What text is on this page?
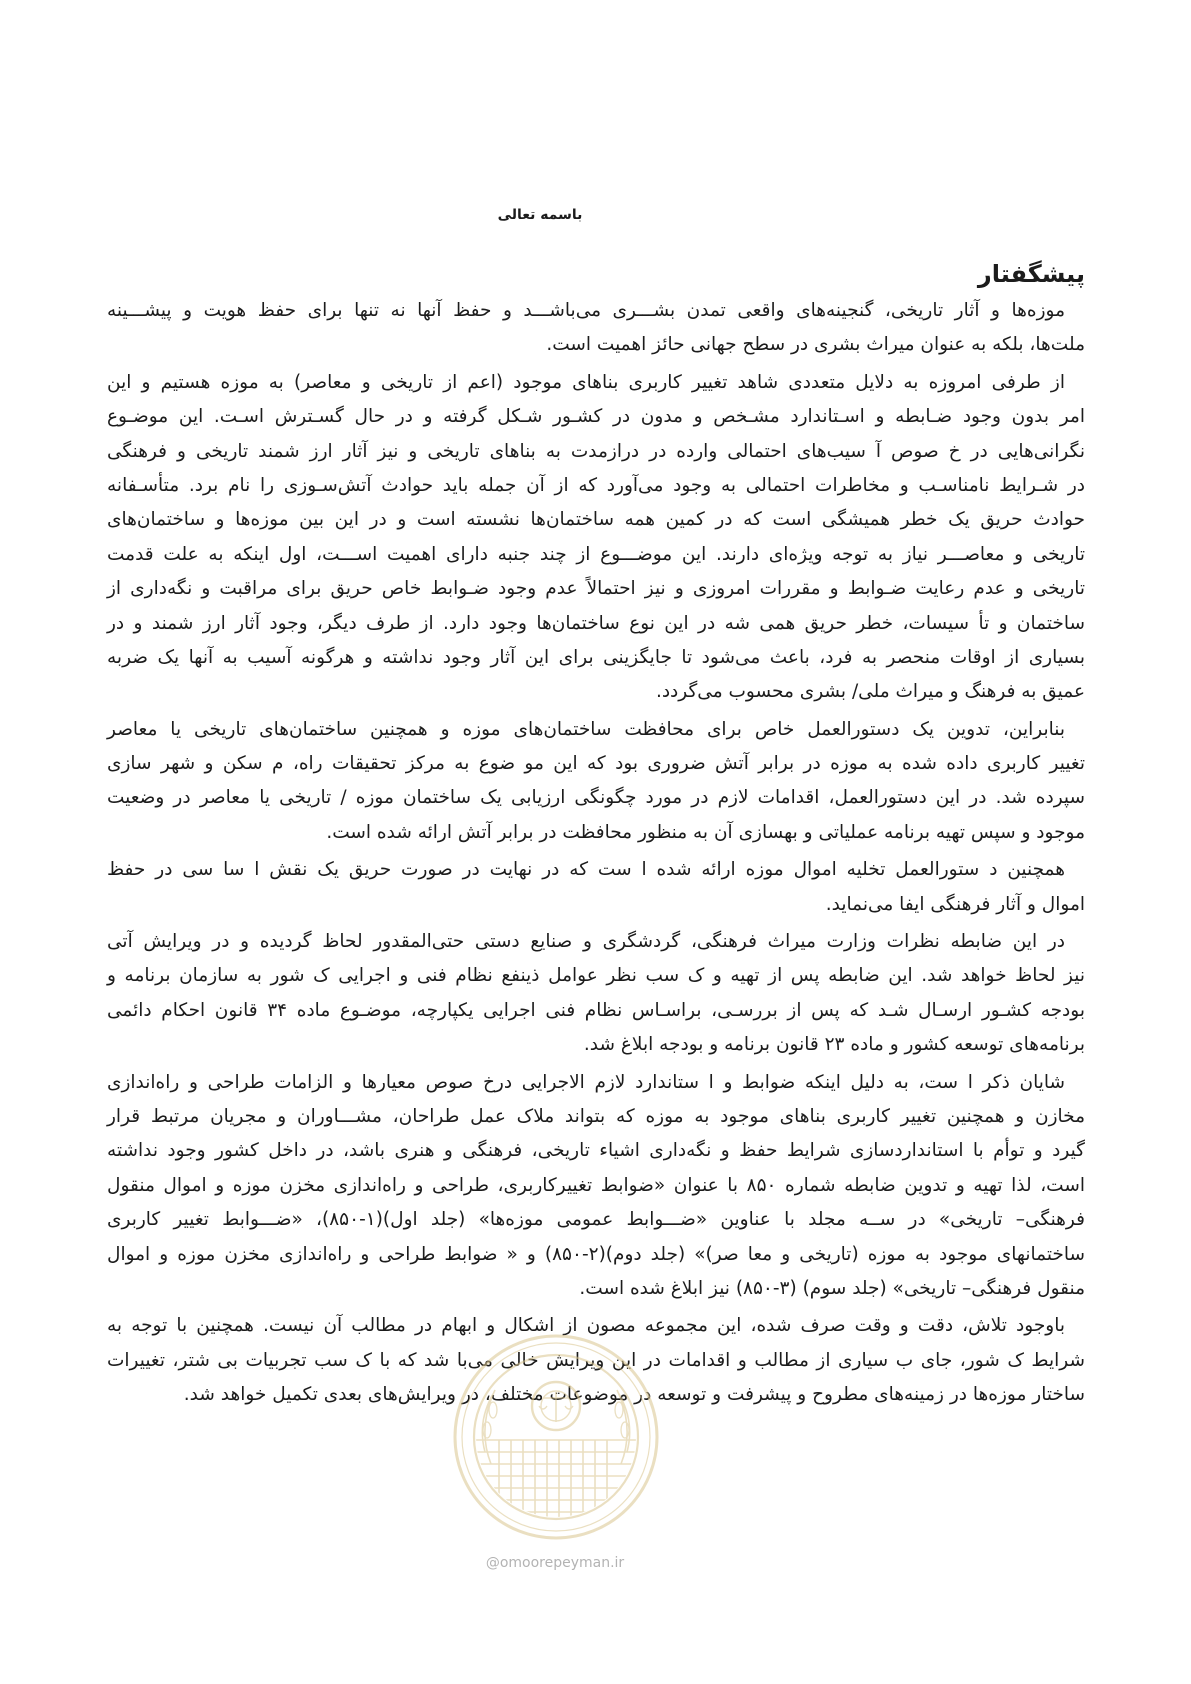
باسمه تعالی
پیشگفتار
موزه‌ها و آثار تاریخی، گنجینه‌های واقعی تمدن بشـــری می‌باشـــد و حفظ آنها نه تنها برای حفظ هویت و پیشـــینه
ملت‌ها، بلکه به عنوان میراث بشری در سطح جهانی حائز اهمیت است.
از طرفی امروزه به دلایل متعددی شاهد تغییر کاربری بناهای موجود (اعم از تاریخی و معاصر) به موزه هستیم و این
امر بدون وجود ضـابطه و اسـتاندارد مشـخص و مدون در کشـور شـکل گرفته و در حال گسـترش اسـت. این موضـوع
نگرانی‌هایی در خ صوص آ سیب‌های احتمالی وارده در درازمدت به بناهای تاریخی و نیز آثار ارز شمند تاریخی و فرهنگی
در شـرایط نامناسـب و مخاطرات احتمالی به وجود می‌آورد که از آن جمله باید حوادث آتش‌سـوزی را نام برد. متأسـفانه
حوادث حریق یک خطر همیشگی است که در کمین همه ساختمان‌ها نشسته است و در این بین موزه‌ها و ساختمان‌های
تاریخی و معاصـــر نیاز به توجه ویژه‌ای دارند. این موضـــوع از چند جنبه دارای اهمیت اســـت، اول اینکه به علت قدمت
تاریخی و عدم رعایت ضـوابط و مقررات امروزی و نیز احتمالاً عدم وجود ضـوابط خاص حریق برای مراقبت و نگه‌داری از
ساختمان و تأ سیسات، خطر حریق همی شه در این نوع ساختمان‌ها وجود دارد. از طرف دیگر، وجود آثار ارز شمند و در
بسیاری از اوقات منحصر به فرد، باعث می‌شود تا جایگزینی برای این آثار وجود نداشته و هرگونه آسیب به آنها یک ضربه
عمیق به فرهنگ و میراث ملی/ بشری محسوب می‌گردد.
بنابراین، تدوین یک دستورالعمل خاص برای محافظت ساختمان‌های موزه و همچنین ساختمان‌های تاریخی یا معاصر
تغییر کاربری داده شده به موزه در برابر آتش ضروری بود که این مو ضوع به مرکز تحقیقات راه، م سکن و شهر سازی
سپرده شد. در این دستورالعمل، اقدامات لازم در مورد چگونگی ارزیابی یک ساختمان موزه / تاریخی یا معاصر در وضعیت
موجود و سپس تهیه برنامه عملیاتی و بهسازی آن به منظور محافظت در برابر آتش ارائه شده است.
همچنین د ستورالعمل تخلیه اموال موزه ارائه شده ا ست که در نهایت در صورت حریق یک نقش ا سا سی در حفظ
اموال و آثار فرهنگی ایفا می‌نماید.
در این ضابطه نظرات وزارت میراث فرهنگی، گردشگری و صنایع دستی حتی‌المقدور لحاظ گردیده و در ویرایش آتی
نیز لحاظ خواهد شد. این ضابطه پس از تهیه و ک سب نظر عوامل ذینفع نظام فنی و اجرایی ک شور به سازمان برنامه و
بودجه کشـور ارسـال شـد که پس از بررسـی، براسـاس نظام فنی اجرایی یکپارچه، موضـوع ماده ۳۴ قانون احکام دائمی
برنامه‌های توسعه کشور و ماده ۲۳ قانون برنامه و بودجه ابلاغ شد.
شایان ذکر ا ست، به دلیل اینکه ضوابط و ا ستاندارد لازم الاجرایی درخ صوص معیارها و الزامات طراحی و راه‌اندازی
مخازن و همچنین تغییر کاربری بناهای موجود به موزه که بتواند ملاک عمل طراحان، مشـــاوران و مجریان مرتبط قرار
گیرد و توأم با استانداردسازی شرایط حفظ و نگه‌داری اشیاء تاریخی، فرهنگی و هنری باشد، در داخل کشور وجود نداشته
است، لذا تهیه و تدوین ضابطه شماره ۸۵۰ با عنوان «ضوابط تغییرکاربری، طراحی و راه‌اندازی مخزن موزه و اموال منقول
فرهنگی– تاریخی» در ســه مجلد با عناوین «ضـــوابط عمومی موزه‌ها» (جلد اول)(۱-۸۵۰)، «ضـــوابط تغییر کاربری
ساختمانهای موجود به موزه (تاریخی و معا صر)» (جلد دوم)(۲-۸۵۰) و « ضوابط طراحی و راه‌اندازی مخزن موزه و اموال
منقول فرهنگی– تاریخی» (جلد سوم) (۳-۸۵۰) نیز ابلاغ شده است.
باوجود تلاش، دقت و وقت صرف شده، این مجموعه مصون از اشکال و ابهام در مطالب آن نیست. همچنین با توجه به
شرایط ک شور، جای ب سیاری از مطالب و اقدامات در این ویرایش خالی می‌با شد که با ک سب تجربیات بی شتر، تغییرات
ساختار موزه‌ها در زمینه‌های مطروح و پیشرفت و توسعه در موضوعات مختلف، در ویرایش‌های بعدی تکمیل خواهد شد.
@omoorepeyman.ir
